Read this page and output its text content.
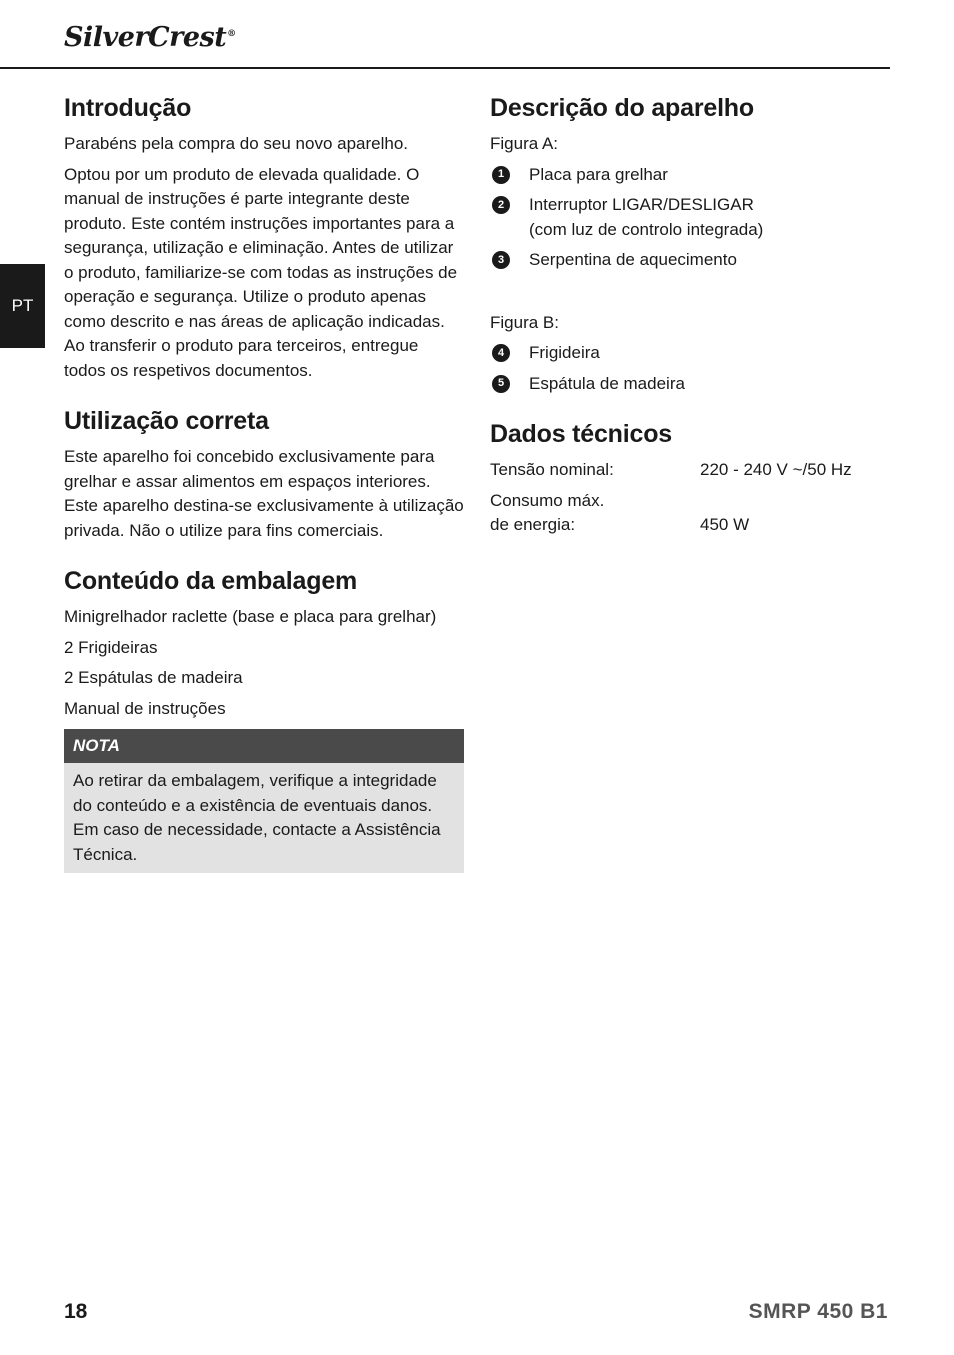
SilverCrest®
PT
Introdução

Parabéns pela compra do seu novo aparelho.

Optou por um produto de elevada qualidade. O manual de instruções é parte integrante deste produto. Este contém instruções importantes para a segurança, utilização e eliminação. Antes de utilizar o produto, familiarize-se com todas as instruções de operação e segurança. Utilize o produto apenas como descrito e nas áreas de aplicação indicadas. Ao transferir o produto para terceiros, entregue todos os respetivos documentos.

Utilização correta

Este aparelho foi concebido exclusivamente para grelhar e assar alimentos em espaços interiores. Este aparelho destina-se exclusivamente à utilização privada. Não o utilize para fins comerciais.

Conteúdo da embalagem

Minigrelhador raclette (base e placa para grelhar)

2 Frigideiras

2 Espátulas de madeira

Manual de instruções

NOTA
Ao retirar da embalagem, verifique a integridade do conteúdo e a existência de eventuais danos. Em caso de necessidade, contacte a Assistência Técnica.
Descrição do aparelho

Figura A:

1	Placa para grelhar
2	Interruptor LIGAR/DESLIGAR (com luz de controlo integrada)
3	Serpentina de aquecimento

Figura B:

4	Frigideira
5	Espátula de madeira
Dados técnicos
Tensão nominal:	220 - 240 V ~/50 Hz
Consumo máx. de energia:	450 W
18	SMRP 450 B1
